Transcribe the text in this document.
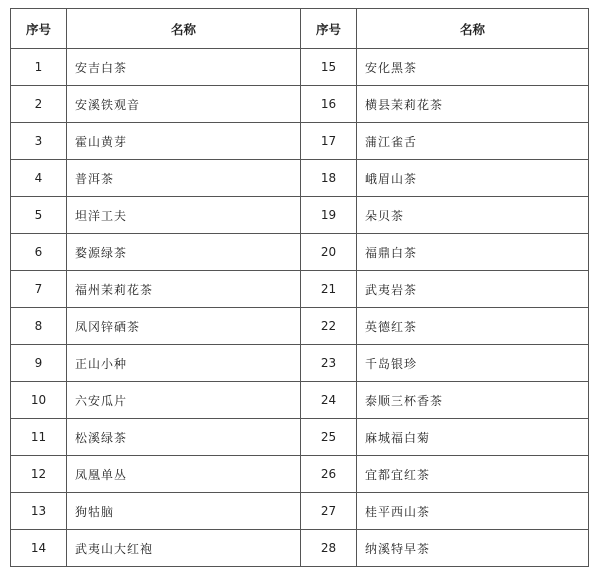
序号	名称	序号	名称
1	安吉白茶	15	安化黑茶
2	安溪铁观音	16	横县茉莉花茶
3	霍山黄芽	17	蒲江雀舌
4	普洱茶	18	峨眉山茶
5	坦洋工夫	19	朵贝茶
6	婺源绿茶	20	福鼎白茶
7	福州茉莉花茶	21	武夷岩茶
8	凤冈锌硒茶	22	英德红茶
9	正山小种	23	千岛银珍
10	六安瓜片	24	泰顺三杯香茶
11	松溪绿茶	25	麻城福白菊
12	凤凰单丛	26	宜都宜红茶
13	狗牯脑	27	桂平西山茶
14	武夷山大红袍	28	纳溪特早茶
